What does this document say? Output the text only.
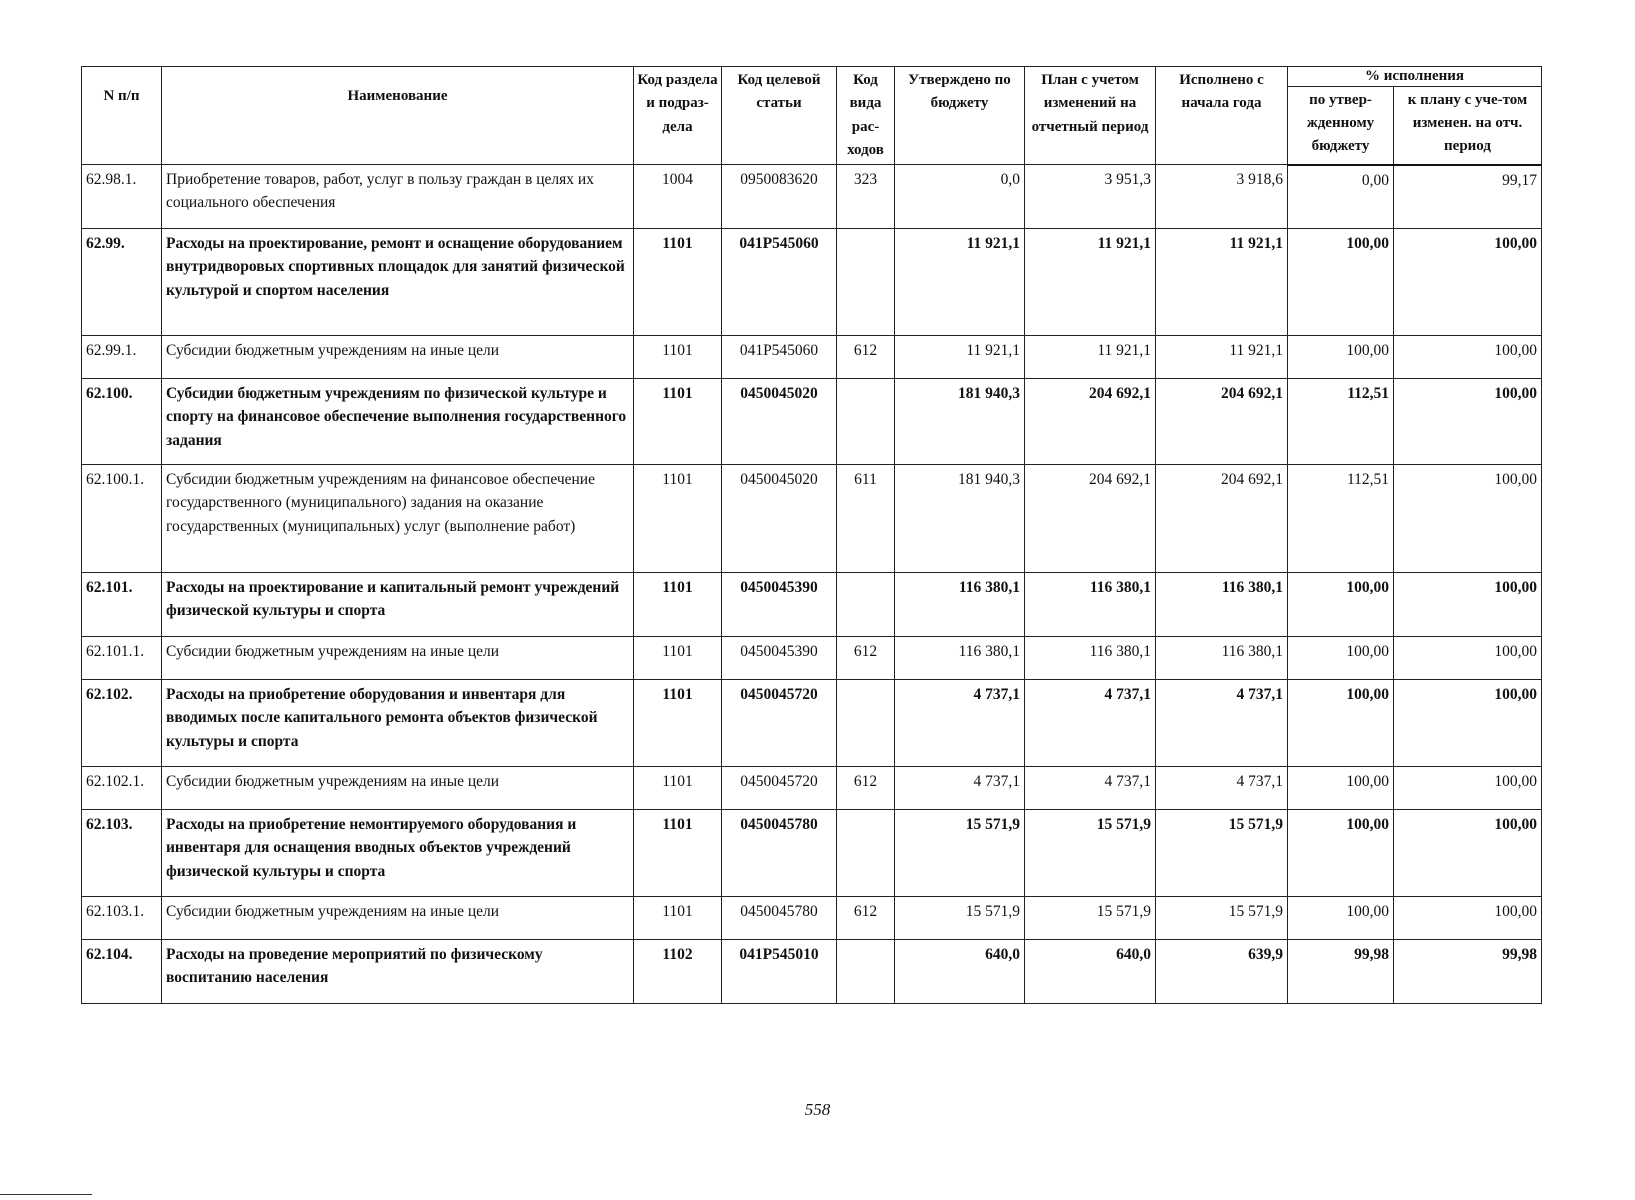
N п/п	Наименование	Код раздела и подраз-дела	Код целевой статьи	Код вида рас-ходов	Утверждено по бюджету	План с учетом изменений на отчетный период	Исполнено с начала года	% исполнения	
								по утвер-жденному бюджету	к плану с уче-том изменен. на отч. период
62.98.1.	Приобретение товаров, работ, услуг в пользу граждан в целях их социального обеспечения	1004	0950083620	323	0,0	3 951,3	3 918,6	0,00	99,17
62.99.	Расходы на проектирование, ремонт и оснащение оборудованием внутридворовых спортивных площадок для занятий физической культурой и спортом населения	1101	041P545060		11 921,1	11 921,1	11 921,1	100,00	100,00
62.99.1.	Субсидии бюджетным учреждениям на иные цели	1101	041P545060	612	11 921,1	11 921,1	11 921,1	100,00	100,00
62.100.	Субсидии бюджетным учреждениям по физической культуре и спорту на финансовое обеспечение выполнения государственного задания	1101	0450045020		181 940,3	204 692,1	204 692,1	112,51	100,00
62.100.1.	Субсидии бюджетным учреждениям на финансовое обеспечение государственного (муниципального) задания на оказание государственных (муниципальных) услуг (выполнение работ)	1101	0450045020	611	181 940,3	204 692,1	204 692,1	112,51	100,00
62.101.	Расходы на проектирование и капитальный ремонт учреждений физической культуры и спорта	1101	0450045390		116 380,1	116 380,1	116 380,1	100,00	100,00
62.101.1.	Субсидии бюджетным учреждениям на иные цели	1101	0450045390	612	116 380,1	116 380,1	116 380,1	100,00	100,00
62.102.	Расходы на приобретение оборудования и инвентаря для вводимых после капитального ремонта объектов физической культуры и спорта	1101	0450045720		4 737,1	4 737,1	4 737,1	100,00	100,00
62.102.1.	Субсидии бюджетным учреждениям на иные цели	1101	0450045720	612	4 737,1	4 737,1	4 737,1	100,00	100,00
62.103.	Расходы на приобретение немонтируемого оборудования и инвентаря для оснащения вводных объектов учреждений физической культуры и спорта	1101	0450045780		15 571,9	15 571,9	15 571,9	100,00	100,00
62.103.1.	Субсидии бюджетным учреждениям на иные цели	1101	0450045780	612	15 571,9	15 571,9	15 571,9	100,00	100,00
62.104.	Расходы на проведение мероприятий по физическому воспитанию населения	1102	041P545010		640,0	640,0	639,9	99,98	99,98
558
